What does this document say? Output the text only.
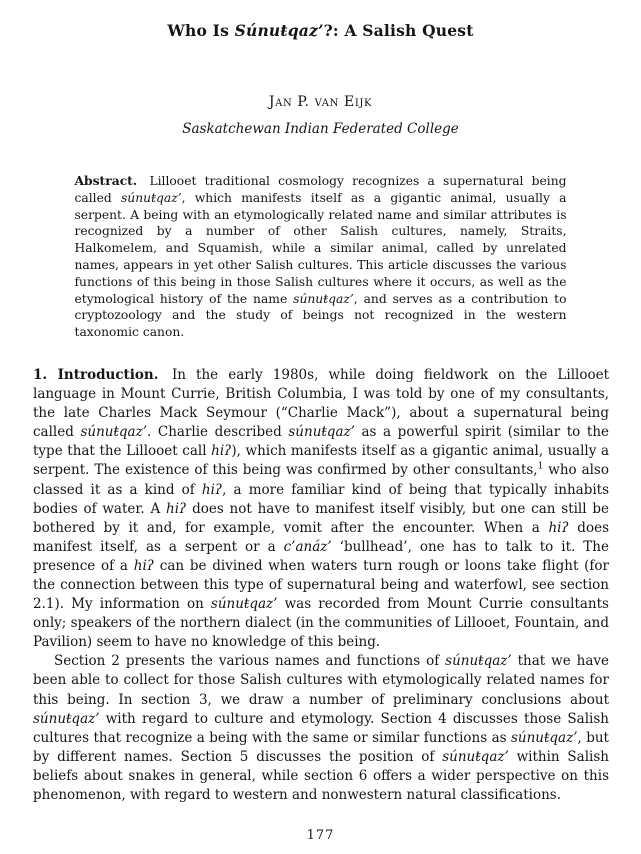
Who Is Súnuŧqaz’?: A Salish Quest
Jan P. van Eijk
Saskatchewan Indian Federated College
Abstract. Lillooet traditional cosmology recognizes a supernatural being called súnuŧqaz’, which manifests itself as a gigantic animal, usually a serpent. A being with an etymologically related name and similar attributes is recognized by a number of other Salish cultures, namely, Straits, Halkomelem, and Squamish, while a similar animal, called by unrelated names, appears in yet other Salish cultures. This article discusses the various functions of this being in those Salish cultures where it occurs, as well as the etymological history of the name súnuŧqaz’, and serves as a contribution to cryptozoology and the study of beings not recognized in the western taxonomic canon.

1. Introduction. In the early 1980s, while doing fieldwork on the Lillooet language in Mount Currie, British Columbia, I was told by one of my consultants, the late Charles Mack Seymour (“Charlie Mack”), about a supernatural being called súnuŧqaz’. Charlie described súnuŧqaz’ as a powerful spirit (similar to the type that the Lillooet call hiʔ), which manifests itself as a gigantic animal, usually a serpent. The existence of this being was confirmed by other consultants,$^1$ who also classed it as a kind of hiʔ, a more familiar kind of being that typically inhabits bodies of water. A hiʔ does not have to manifest itself visibly, but one can still be bothered by it and, for example, vomit after the encounter. When a hiʔ does manifest itself, as a serpent or a c’anáz’ ‘bullhead’, one has to talk to it. The presence of a hiʔ can be divined when waters turn rough or loons take flight (for the connection between this type of supernatural being and waterfowl, see section 2.1). My information on súnuŧqaz’ was recorded from Mount Currie consultants only; speakers of the northern dialect (in the communities of Lillooet, Fountain, and Pavilion) seem to have no knowledge of this being.

Section 2 presents the various names and functions of súnuŧqaz’ that we have been able to collect for those Salish cultures with etymologically related names for this being. In section 3, we draw a number of preliminary conclusions about súnuŧqaz’ with regard to culture and etymology. Section 4 discusses those Salish cultures that recognize a being with the same or similar functions as súnuŧqaz’, but by different names. Section 5 discusses the position of súnuŧqaz’ within Salish beliefs about snakes in general, while section 6 offers a wider perspective on this phenomenon, with regard to western and nonwestern natural classifications.

177
